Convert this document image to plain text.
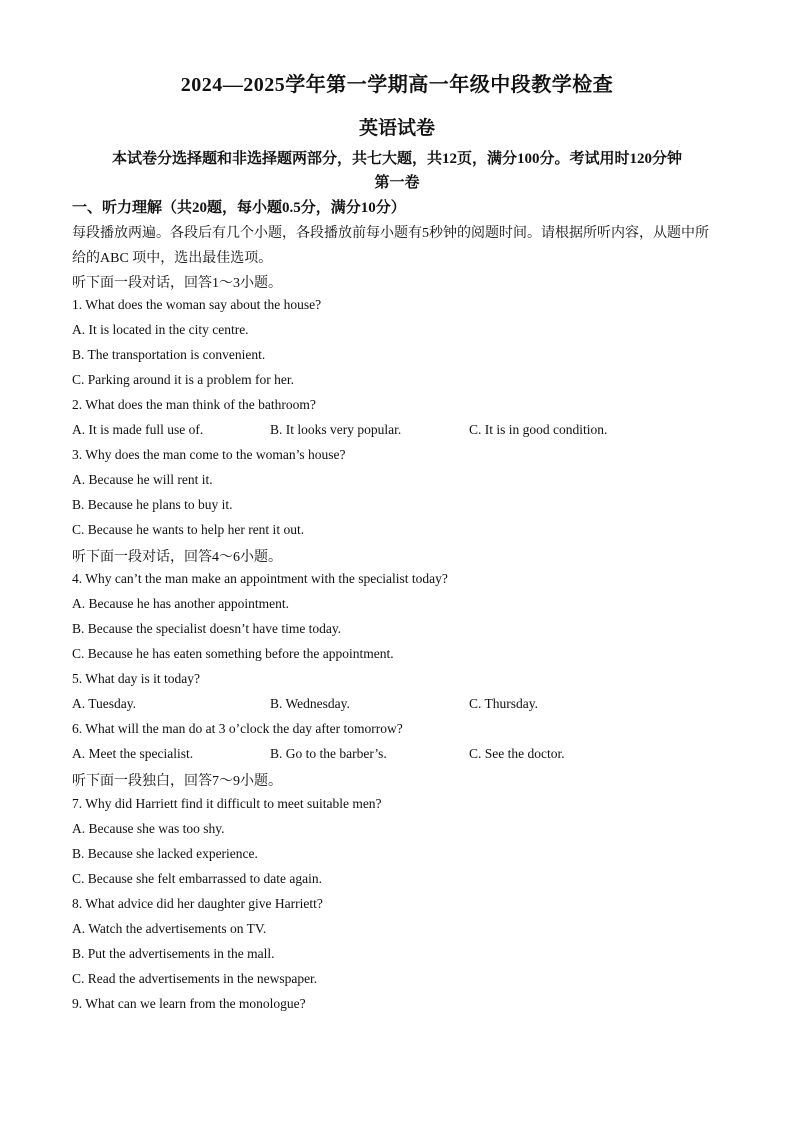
2024—2025学年第一学期高一年级中段教学检查
英语试卷
本试卷分选择题和非选择题两部分，共七大题，共12页，满分100分。考试用时120分钟
第一卷
一、听力理解（共20题，每小题0.5分，满分10分）
每段播放两遍。各段后有几个小题，各段播放前每小题有5秒钟的阅题时间。请根据所听内容，从题中所
给的ABC 项中，选出最佳选项。
听下面一段对话，回答1～3小题。
1. What does the woman say about the house?
A. It is located in the city centre.
B. The transportation is convenient.
C. Parking around it is a problem for her.
2. What does the man think of the bathroom?
A. It is made full use of.	B. It looks very popular.	C. It is in good condition.
3. Why does the man come to the woman’s house?
A. Because he will rent it.
B. Because he plans to buy it.
C. Because he wants to help her rent it out.
听下面一段对话，回答4～6小题。
4. Why can’t the man make an appointment with the specialist today?
A. Because he has another appointment.
B. Because the specialist doesn’t have time today.
C. Because he has eaten something before the appointment.
5. What day is it today?
A. Tuesday.	B. Wednesday.	C. Thursday.
6. What will the man do at 3 o’clock the day after tomorrow?
A. Meet the specialist.	B. Go to the barber’s.	C. See the doctor.
听下面一段独白，回答7～9小题。
7. Why did Harriett find it difficult to meet suitable men?
A. Because she was too shy.
B. Because she lacked experience.
C. Because she felt embarrassed to date again.
8. What advice did her daughter give Harriett?
A. Watch the advertisements on TV.
B. Put the advertisements in the mall.
C. Read the advertisements in the newspaper.
9. What can we learn from the monologue?
